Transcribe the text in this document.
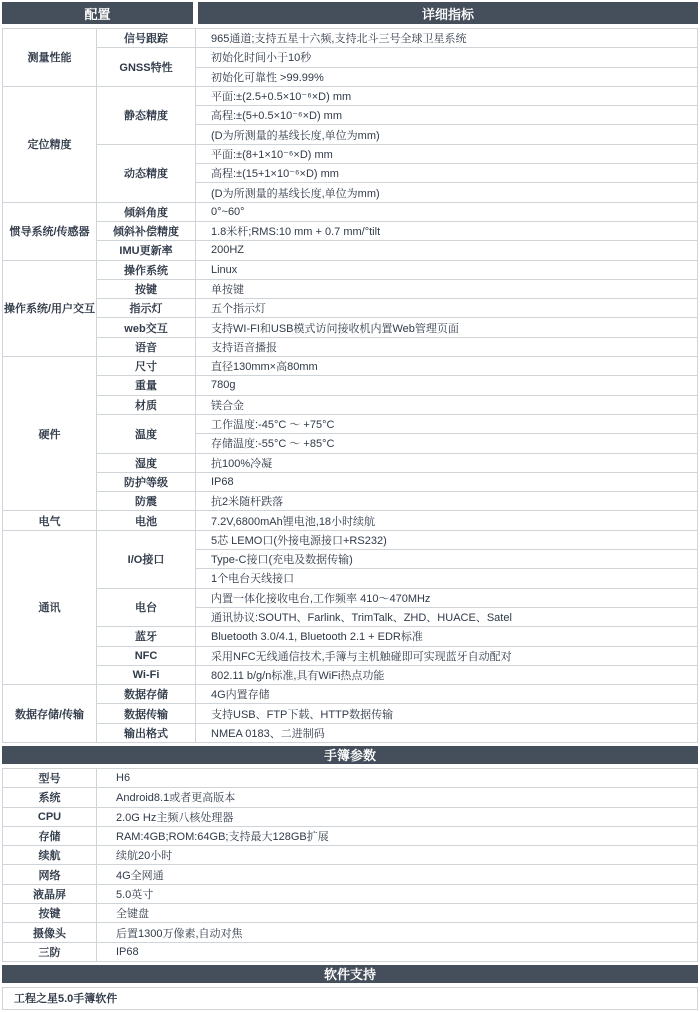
配置	详细指标
测量性能	信号跟踪	965通道;支持五星十六频,支持北斗三号全球卫星系统
	GNSS特性	初始化时间小于10秒
		初始化可靠性 >99.99%
定位精度	静态精度	平面:±(2.5+0.5×10⁻⁶×D) mm
		高程:±(5+0.5×10⁻⁶×D) mm
		(D为所测量的基线长度,单位为mm)
	动态精度	平面:±(8+1×10⁻⁶×D) mm
		高程:±(15+1×10⁻⁶×D) mm
		(D为所测量的基线长度,单位为mm)
惯导系统/传感器	倾斜角度	0°~60°
	倾斜补偿精度	1.8米杆;RMS:10 mm + 0.7 mm/°tilt
	IMU更新率	200HZ
操作系统/用户交互	操作系统	Linux
	按键	单按键
	指示灯	五个指示灯
	web交互	支持WI-FI和USB模式访问接收机内置Web管理页面
	语音	支持语音播报
硬件	尺寸	直径130mm×高80mm
	重量	780g
	材质	镁合金
	温度	工作温度:-45°C ～ +75°C
		存储温度:-55°C ～ +85°C
	湿度	抗100%冷凝
	防护等级	IP68
	防震	抗2米随杆跌落
电气	电池	7.2V,6800mAh锂电池,18小时续航
通讯	I/O接口	5芯 LEMO口(外接电源接口+RS232)
		Type-C接口(充电及数据传输)
		1个电台天线接口
	电台	内置一体化接收电台,工作频率 410～470MHz
		通讯协议:SOUTH、Farlink、TrimTalk、ZHD、HUACE、Satel
	蓝牙	Bluetooth 3.0/4.1, Bluetooth 2.1 + EDR标准
	NFC	采用NFC无线通信技术,手簿与主机触碰即可实现蓝牙自动配对
	Wi-Fi	802.11 b/g/n标准,具有WiFi热点功能
数据存储/传输	数据存储	4G内置存储
	数据传输	支持USB、FTP下载、HTTP数据传输
	输出格式	NMEA 0183、二进制码
手簿参数
型号	H6
系统	Android8.1或者更高版本
CPU	2.0G Hz主频八核处理器
存储	RAM:4GB;ROM:64GB;支持最大128GB扩展
续航	续航20小时
网络	4G全网通
液晶屏	5.0英寸
按键	全键盘
摄像头	后置1300万像素,自动对焦
三防	IP68
软件支持
工程之星5.0手簿软件
